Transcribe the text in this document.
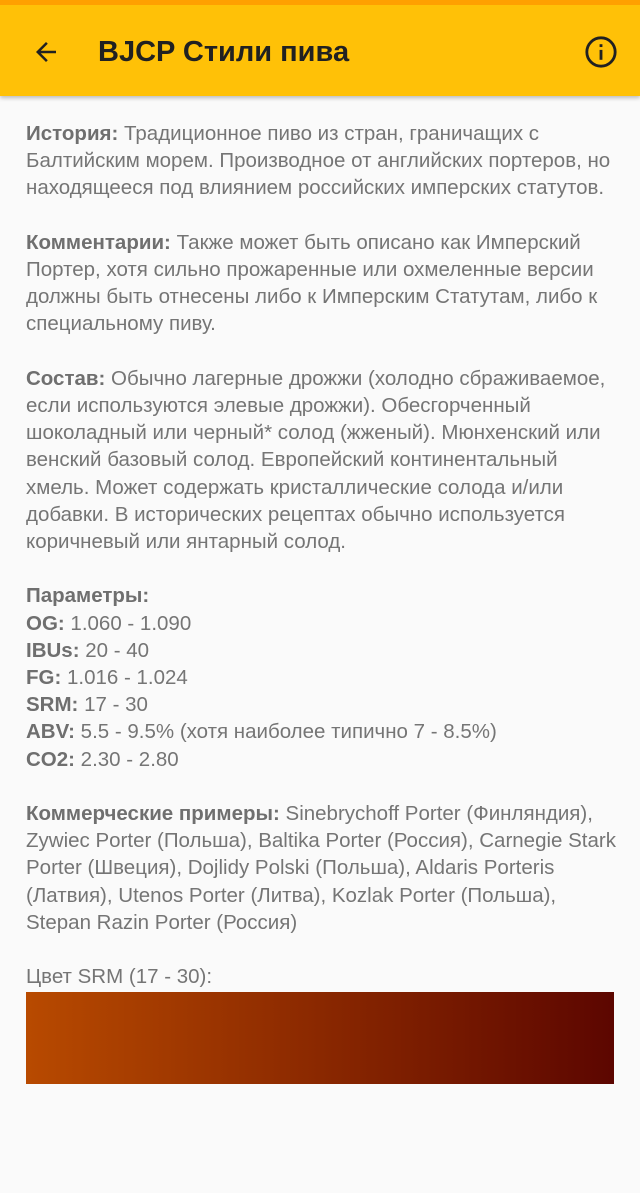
BJCP Стили пива

История: Традиционное пиво из стран, граничащих с Балтийским морем. Производное от английских портеров, но находящееся под влиянием российских имперских статутов.

Комментарии: Также может быть описано как Имперский Портер, хотя сильно прожаренные или охмеленные версии должны быть отнесены либо к Имперским Статутам, либо к специальному пиву.

Состав: Обычно лагерные дрожжи (холодно сбраживаемое, если используются элевые дрожжи). Обесгорченный шоколадный или черный* солод (жженый). Мюнхенский или венский базовый солод. Европейский континентальный хмель. Может содержать кристаллические солода и/или добавки. В исторических рецептах обычно используется коричневый или янтарный солод.

Параметры:
OG: 1.060 - 1.090
IBUs: 20 - 40
FG: 1.016 - 1.024
SRM: 17 - 30
ABV: 5.5 - 9.5% (хотя наиболее типично 7 - 8.5%)
CO2: 2.30 - 2.80

Коммерческие примеры: Sinebrychoff Porter (Финляндия), Zywiec Porter (Польша), Baltika Porter (Россия), Carnegie Stark Porter (Швеция), Dojlidy Polski (Польша), Aldaris Porteris (Латвия), Utenos Porter (Литва), Kozlak Porter (Польша), Stepan Razin Porter (Россия)

Цвет SRM (17 - 30):
